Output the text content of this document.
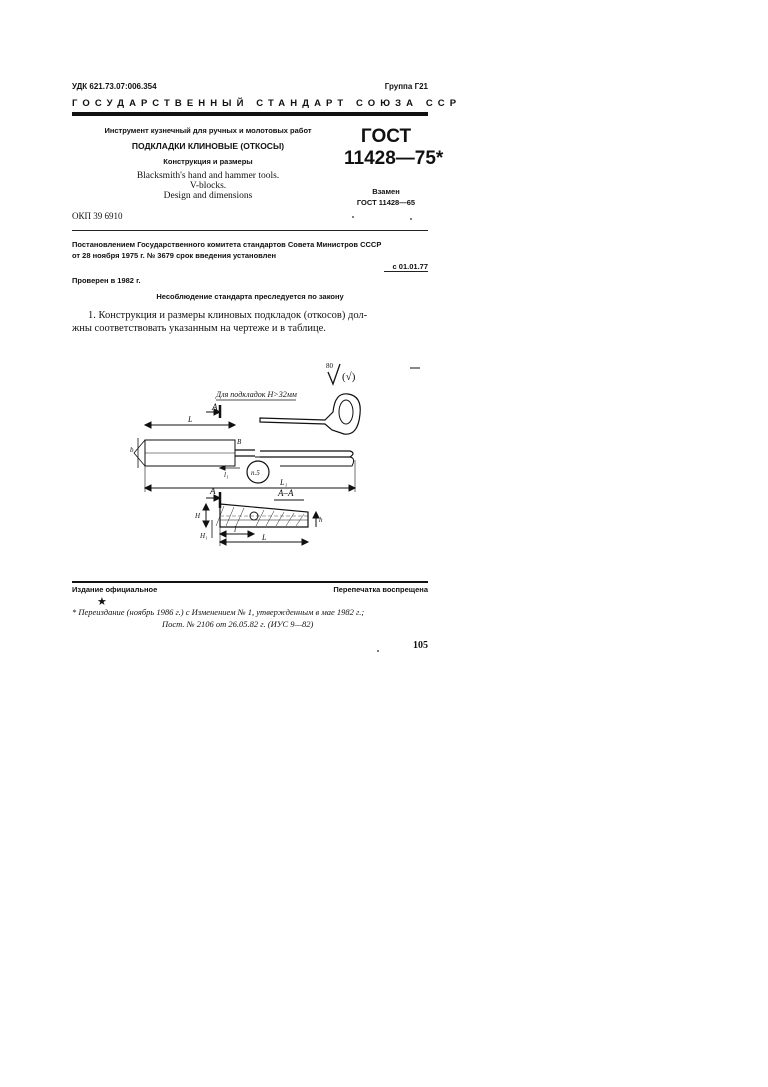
УДК 621.73.07:006.354	Группа Г21
ГОСУДАРСТВЕННЫЙ СТАНДАРТ СОЮЗА ССР
Инструмент кузнечный для ручных и молотовых работ
ПОДКЛАДКИ КЛИНОВЫЕ (ОТКОСЫ)
Конструкция и размеры
Blacksmith's hand and hammer tools.
V-blocks.
Design and dimensions
ОКП 39 6910
ГОСТ
11428—75*
Взамен
ГОСТ 11428—65
Постановлением Государственного комитета стандартов Совета Министров СССР
от 28 ноября 1975 г. № 3679 срок введения установлен
с 01.01.77
Проверен в 1982 г.
Несоблюдение стандарта преследуется по закону
жны соответствовать указанным на чертеже и в таблице.
1. Конструкция и размеры клиновых подкладок (откосов) дол-
80
(√)
Для подкладок H>32мм
A
L
b
B
l₁	п.5
L₁
A	A–A
H
H₁
h
l
L
Издание официальное	Перепечатка воспрещена
★
* Переиздание (ноябрь 1986 г.) с Изменением № 1, утвержденным в мае 1982 г.;
Пост. № 2106 от 26.05.82 г. (ИУС 9—82)
105
